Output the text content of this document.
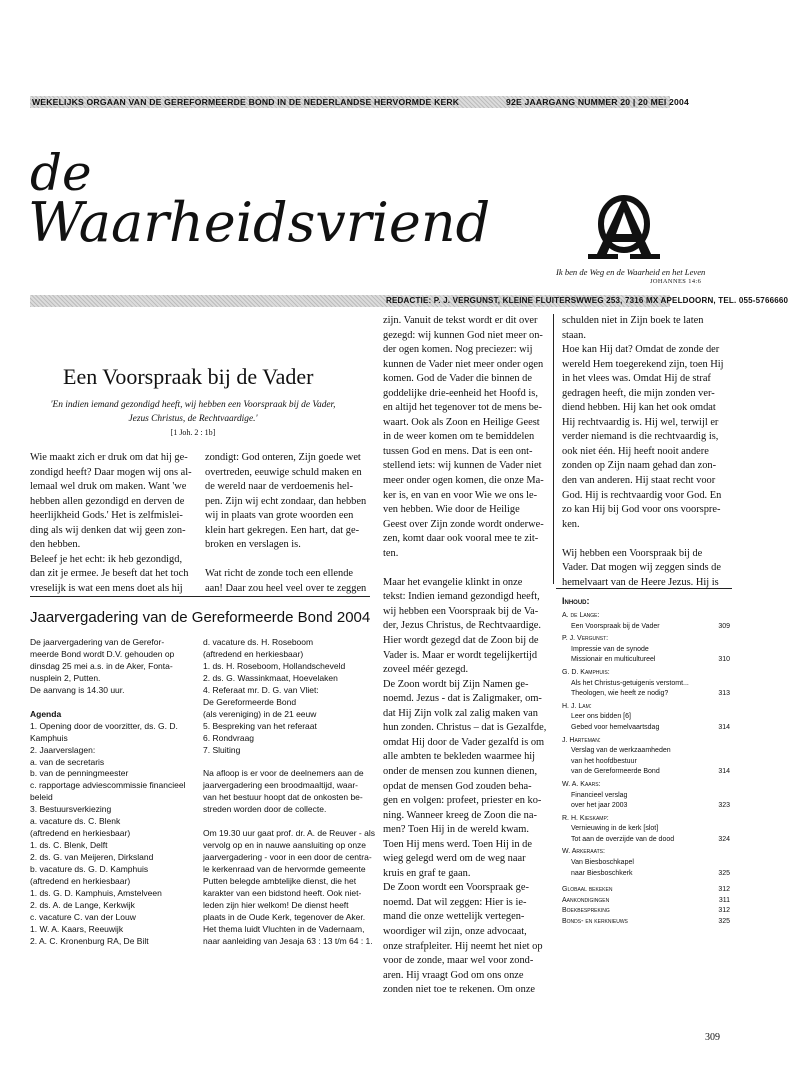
WEKELIJKS ORGAAN VAN DE GEREFORMEERDE BOND IN DE NEDERLANDSE HERVORMDE KERK	92E JAARGANG NUMMER 20 | 20 MEI 2004
de
Waarheidsvriend
Ik ben de Weg en de Waarheid en het Leven
JOHANNES 14:6
REDACTIE: P. J. VERGUNST, KLEINE FLUITERSWWEG 253, 7316 MX APELDOORN, TEL. 055-5766660
Een Voorspraak bij de Vader
'En indien iemand gezondigd heeft, wij hebben een Voorspraak bij de Vader,
Jezus Christus, de Rechtvaardige.'
[1 Joh. 2 : 1b]
Wie maakt zich er druk om dat hij ge-
zondigd heeft? Daar mogen wij ons al-
lemaal wel druk om maken. Want 'we
hebben allen gezondigd en derven de
heerlijkheid Gods.' Het is zelfmislei-
ding als wij denken dat wij geen zon-
den hebben.
Beleef je het echt: ik heb gezondigd,
dan zit je ermee. Je beseft dat het toch
vreselijk is wat een mens doet als hij
zondigt: God onteren, Zijn goede wet
overtreden, eeuwige schuld maken en
de wereld naar de verdoemenis hel-
pen. Zijn wij echt zondaar, dan hebben
wij in plaats van grote woorden een
klein hart gekregen. Een hart, dat ge-
broken en verslagen is.

Wat richt de zonde toch een ellende
aan! Daar zou heel veel over te zeggen
zijn. Vanuit de tekst wordt er dit over
gezegd: wij kunnen God niet meer on-
der ogen komen. Nog preciezer: wij
kunnen de Vader niet meer onder ogen
komen. God de Vader die binnen de
goddelijke drie-eenheid het Hoofd is,
en altijd het tegenover tot de mens be-
waart. Ook als Zoon en Heilige Geest
in de weer komen om te bemiddelen
tussen God en mens. Dat is een ont-
stellend iets: wij kunnen de Vader niet
meer onder ogen komen, die onze Ma-
ker is, en van en voor Wie we ons le-
ven hebben. Wie door de Heilige
Geest over Zijn zonde wordt onderwe-
zen, komt daar ook vooral mee te zit-
ten.

Maar het evangelie klinkt in onze
tekst: Indien iemand gezondigd heeft,
wij hebben een Voorspraak bij de Va-
der, Jezus Christus, de Rechtvaardige.
Hier wordt gezegd dat de Zoon bij de
Vader is. Maar er wordt tegelijkertijd
zoveel méér gezegd.
De Zoon wordt bij Zijn Namen ge-
noemd. Jezus - dat is Zaligmaker, om-
dat Hij Zijn volk zal zalig maken van
hun zonden. Christus – dat is Gezalfde,
omdat Hij door de Vader gezalfd is om
alle ambten te bekleden waarmee hij
onder de mensen zou kunnen dienen,
opdat de mensen God zouden beha-
gen en volgen: profeet, priester en ko-
ning. Wanneer kreeg de Zoon die na-
men? Toen Hij in de wereld kwam.
Toen Hij mens werd. Toen Hij in de
wieg gelegd werd om de weg naar
kruis en graf te gaan.
De Zoon wordt een Voorspraak ge-
noemd. Dat wil zeggen: Hier is ie-
mand die onze wettelijk vertegen-
woordiger wil zijn, onze advocaat,
onze strafpleiter. Hij neemt het niet op
voor de zonde, maar wel voor zond-
aren. Hij vraagt God om ons onze
zonden niet toe te rekenen. Om onze
schulden niet in Zijn boek te laten
staan.
Hoe kan Hij dat? Omdat de zonde der
wereld Hem toegerekend zijn, toen Hij
in het vlees was. Omdat Hij de straf
gedragen heeft, die mijn zonden ver-
diend hebben. Hij kan het ook omdat
Hij rechtvaardig is. Hij wel, terwijl er
verder niemand is die rechtvaardig is,
ook niet één. Hij heeft nooit andere
zonden op Zijn naam gehad dan zon-
den van anderen. Hij staat recht voor
God. Hij is rechtvaardig voor God. En
zo kan Hij bij God voor ons voorspre-
ken.

Wij hebben een Voorspraak bij de
Vader. Dat mogen wij zeggen sinds de
hemelvaart van de Heere Jezus. Hij is
Jaarvergadering van de Gereformeerde Bond 2004
De jaarvergadering van de Gerefor-
meerde Bond wordt D.V. gehouden op
dinsdag 25 mei a.s. in de Aker, Fonta-
nusplein 2, Putten.
De aanvang is 14.30 uur.

Agenda
1. Opening door de voorzitter, ds. G. D.
Kamphuis
2. Jaarverslagen:
a. van de secretaris
b. van de penningmeester
c. rapportage adviescommissie financieel
beleid
3. Bestuursverkiezing
a. vacature ds. C. Blenk
(aftredend en herkiesbaar)
1. ds. C. Blenk, Delft
2. ds. G. van Meijeren, Dirksland
b. vacature ds. G. D. Kamphuis
(aftredend en herkiesbaar)
1. ds. G. D. Kamphuis, Amstelveen
2. ds. A. de Lange, Kerkwijk
c. vacature C. van der Louw
1. W. A. Kaars, Reeuwijk
2. A. C. Kronenburg RA, De Bilt
d. vacature ds. H. Roseboom
(aftredend en herkiesbaar)
1. ds. H. Roseboom, Hollandscheveld
2. ds. G. Wassinkmaat, Hoevelaken
4. Referaat mr. D. G. van Vliet:
De Gereformeerde Bond
(als vereniging) in de 21 eeuw
5. Bespreking van het referaat
6. Rondvraag
7. Sluiting

Na afloop is er voor de deelnemers aan de
jaarvergadering een broodmaaltijd, waar-
van het bestuur hoopt dat de onkosten be-
streden worden door de collecte.

Om 19.30 uur gaat prof. dr. A. de Reuver - als
vervolg op en in nauwe aansluiting op onze
jaarvergadering - voor in een door de centra-
le kerkenraad van de hervormde gemeente
Putten belegde ambtelijke dienst, die het
karakter van een bidstond heeft. Ook niet-
leden zijn hier welkom! De dienst heeft
plaats in de Oude Kerk, tegenover de Aker.
Het thema luidt Vluchten in de Vadernaam,
naar aanleiding van Jesaja 63 : 13 t/m 64 : 1.
Inhoud:
A. de Lange:
Een Voorspraak bij de Vader	309
P. J. Vergunst:
Impressie van de synode
Missionair en multicultureel	310
G. D. Kamphuis:
Als het Christus-getuigenis verstomt...
Theologen, wie heeft ze nodig?	313
H. J. Lam:
Leer ons bidden [6]
Gebed voor hemelvaartsdag	314
J. Harteman:
Verslag van de werkzaamheden
van het hoofdbestuur
van de Gereformeerde Bond	314
W. A. Kaars:
Financieel verslag
over het jaar 2003	323
R. H. Kieskamp:
Vernieuwing in de kerk [slot]
Tot aan de overzijde van de dood	324
W. Arkeraats:
Van Biesboschkapel
naar Biesboschkerk	325
Globaal bekeken	312
Aankondigingen	311
Boekbespreking	312
Bonds- en kerknieuws	325
309
